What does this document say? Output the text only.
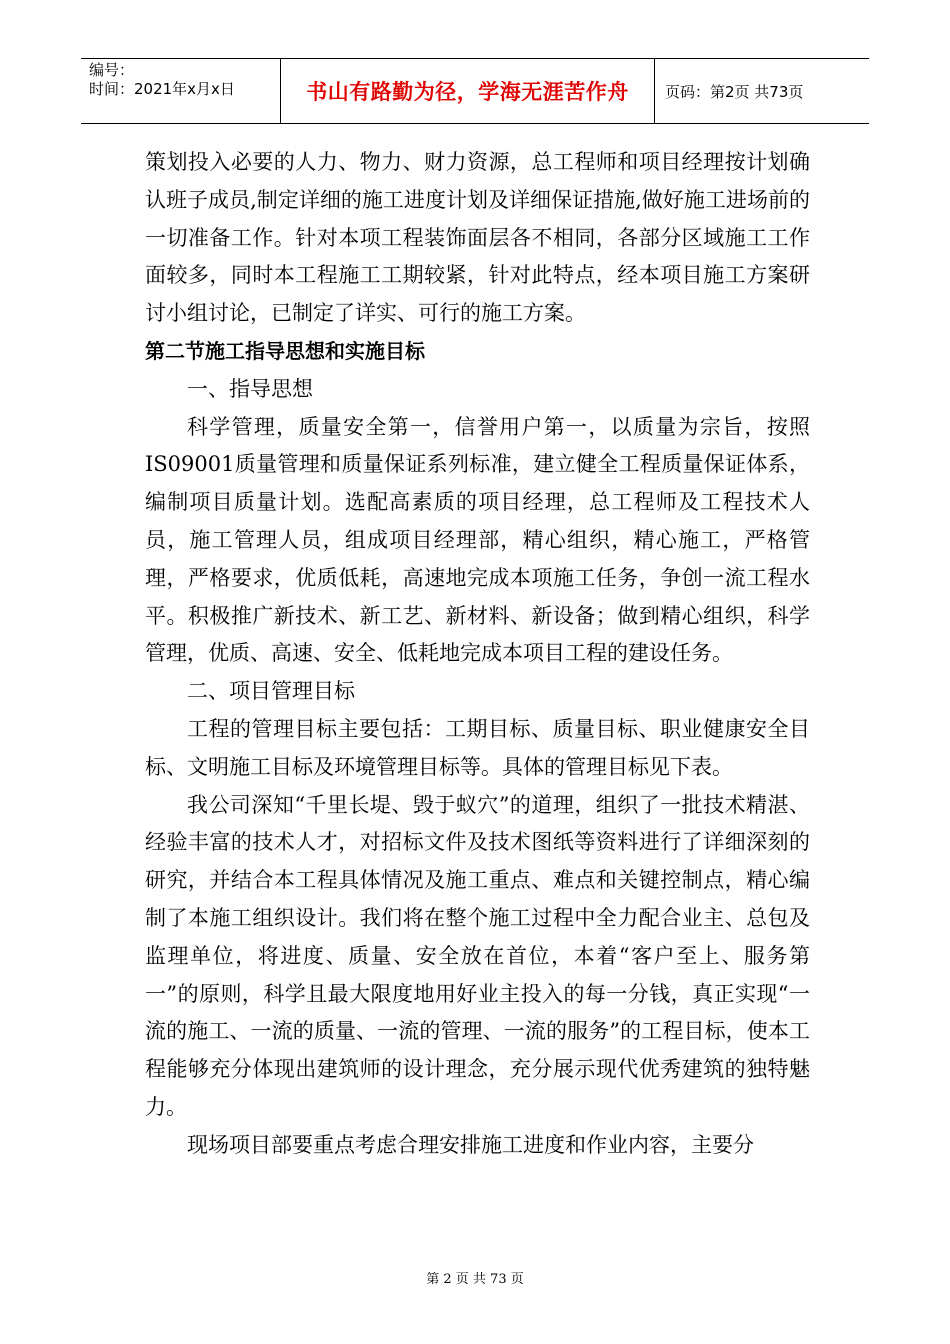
编号：
时间：2021年x月x日	书山有路勤为径，学海无涯苦作舟	页码：第2页 共73页

策划投入必要的人力、物力、财力资源，总工程师和项目经理按计划确认班子成员,制定详细的施工进度计划及详细保证措施,做好施工进场前的一切准备工作。针对本项工程装饰面层各不相同，各部分区域施工工作面较多，同时本工程施工工期较紧，针对此特点，经本项目施工方案研讨小组讨论，已制定了详实、可行的施工方案。

第二节施工指导思想和实施目标

一、指导思想

科学管理，质量安全第一，信誉用户第一，以质量为宗旨，按照IS09001质量管理和质量保证系列标准，建立健全工程质量保证体系，编制项目质量计划。选配高素质的项目经理，总工程师及工程技术人员，施工管理人员，组成项目经理部，精心组织，精心施工，严格管理，严格要求，优质低耗，高速地完成本项施工任务，争创一流工程水平。积极推广新技术、新工艺、新材料、新设备；做到精心组织，科学管理，优质、高速、安全、低耗地完成本项目工程的建设任务。

二、项目管理目标

工程的管理目标主要包括：工期目标、质量目标、职业健康安全目标、文明施工目标及环境管理目标等。具体的管理目标见下表。

我公司深知“千里长堤、毁于蚁穴”的道理，组织了一批技术精湛、经验丰富的技术人才，对招标文件及技术图纸等资料进行了详细深刻的研究，并结合本工程具体情况及施工重点、难点和关键控制点，精心编制了本施工组织设计。我们将在整个施工过程中全力配合业主、总包及监理单位，将进度、质量、安全放在首位，本着“客户至上、服务第一”的原则，科学且最大限度地用好业主投入的每一分钱，真正实现“一流的施工、一流的质量、一流的管理、一流的服务”的工程目标，使本工程能够充分体现出建筑师的设计理念，充分展示现代优秀建筑的独特魅力。

现场项目部要重点考虑合理安排施工进度和作业内容，主要分

第 2 页 共 73 页
